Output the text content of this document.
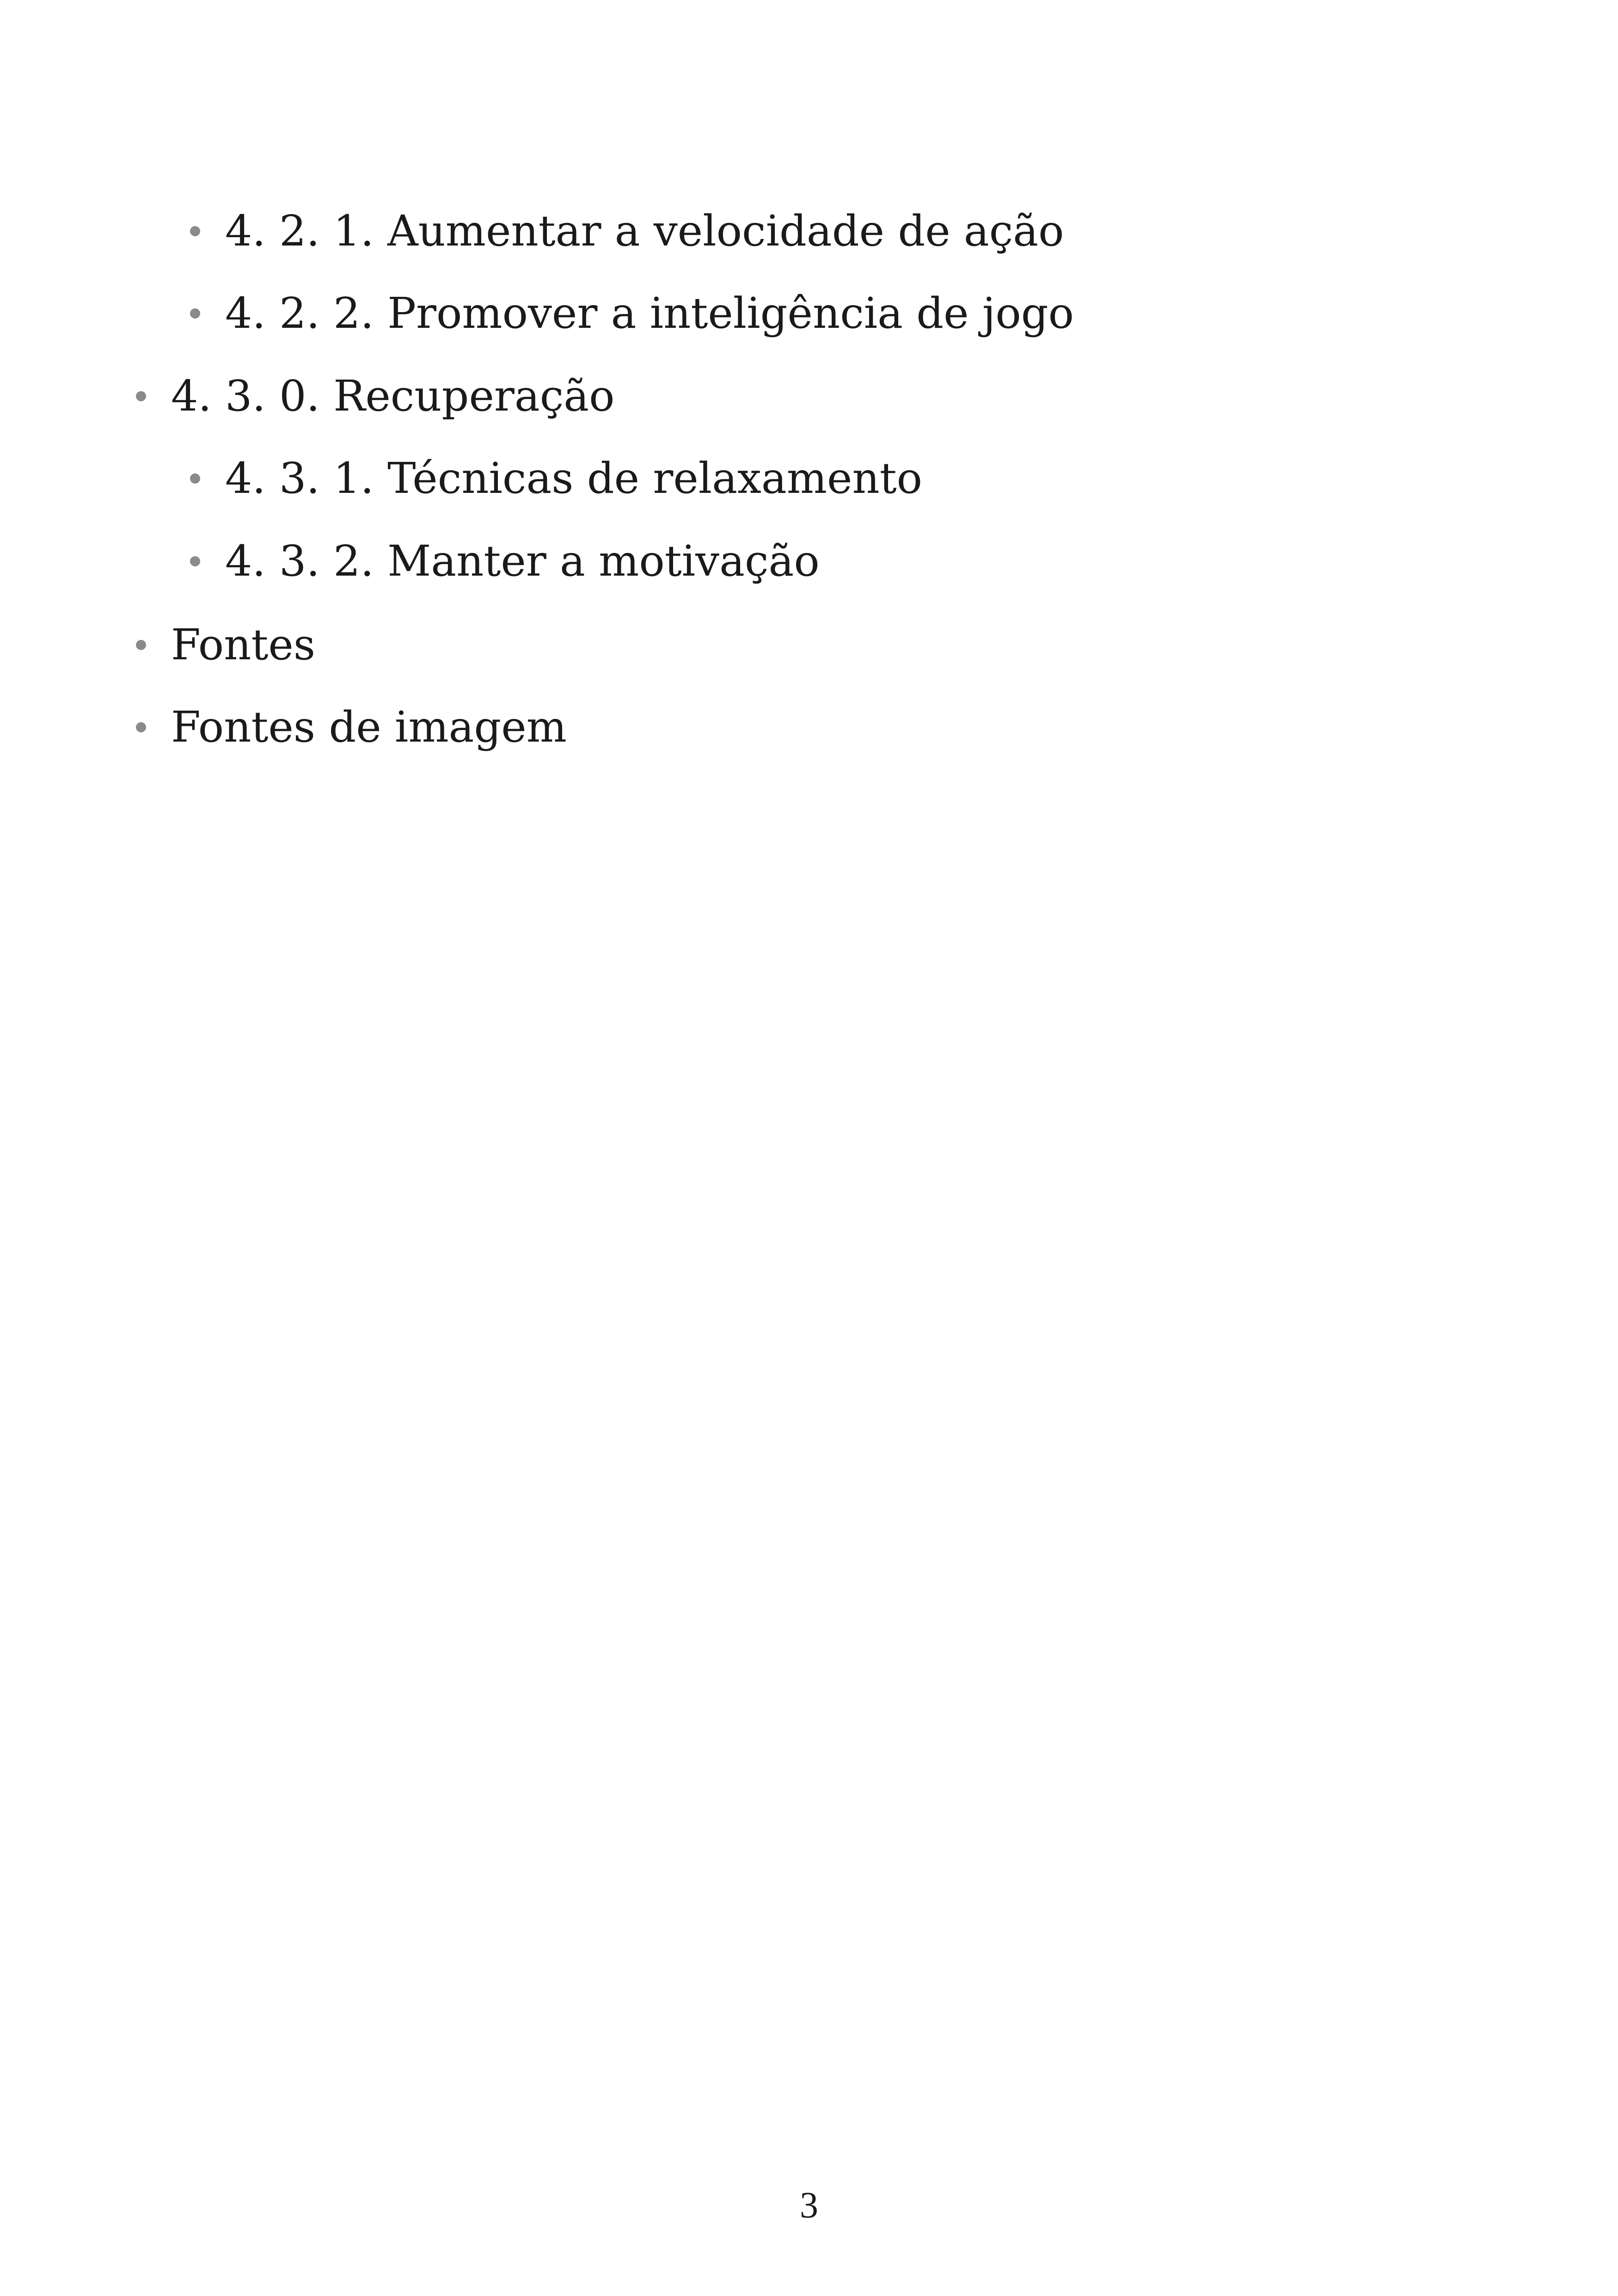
4. 2. 1. Aumentar a velocidade de ação
4. 2. 2. Promover a inteligência de jogo
4. 3. 0. Recuperação
4. 3. 1. Técnicas de relaxamento
4. 3. 2. Manter a motivação
Fontes
Fontes de imagem
3
